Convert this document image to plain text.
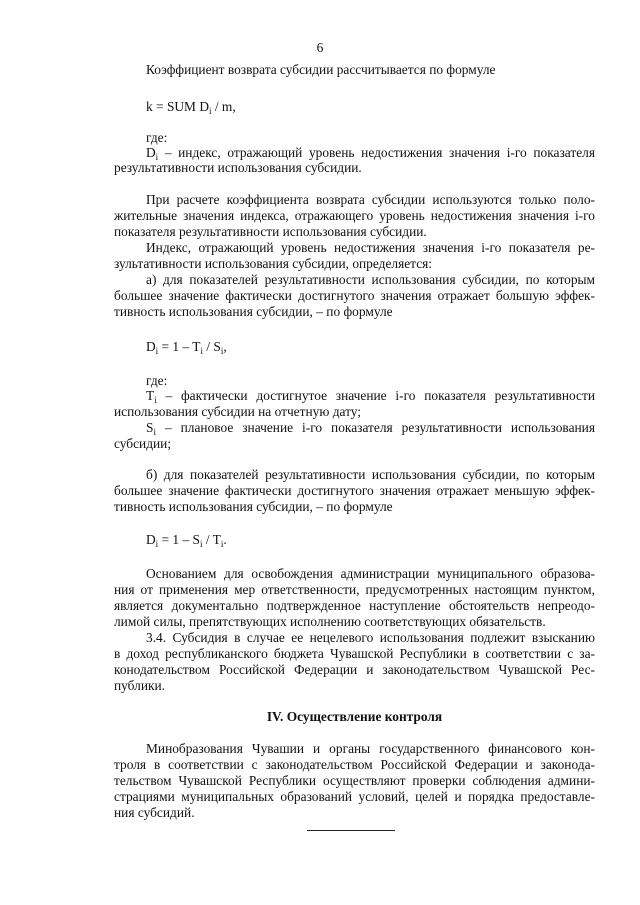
6
Коэффициент возврата субсидии рассчитывается по формуле
k = SUM $D_i$ / m,
где:
$D_i$ – индекс, отражающий уровень недостижения значения i-го показателя
результативности использования субсидии.
При расчете коэффициента возврата субсидии используются только поло-
жительные значения индекса, отражающего уровень недостижения значения i-го
показателя результативности использования субсидии.
Индекс, отражающий уровень недостижения значения i-го показателя ре-
зультативности использования субсидии, определяется:
а) для показателей результативности использования субсидии, по которым
большее значение фактически достигнутого значения отражает большую эффек-
тивность использования субсидии, – по формуле
$D_i = 1 - T_i / S_i$,
где:
$T_i$ – фактически достигнутое значение i-го показателя результативности
использования субсидии на отчетную дату;
$S_i$ – плановое значение i-го показателя результативности использования
субсидии;
б) для показателей результативности использования субсидии, по которым
большее значение фактически достигнутого значения отражает меньшую эффек-
тивность использования субсидии, – по формуле
$D_i = 1 - S_i / T_i$.
Основанием для освобождения администрации муниципального образова-
ния от применения мер ответственности, предусмотренных настоящим пунктом,
является документально подтвержденное наступление обстоятельств непреодо-
лимой силы, препятствующих исполнению соответствующих обязательств.
3.4. Субсидия в случае ее нецелевого использования подлежит взысканию
в доход республиканского бюджета Чувашской Республики в соответствии с за-
конодательством Российской Федерации и законодательством Чувашской Рес-
публики.
IV. Осуществление контроля
Минобразования Чувашии и органы государственного финансового кон-
троля в соответствии с законодательством Российской Федерации и законода-
тельством Чувашской Республики осуществляют проверки соблюдения админи-
страциями муниципальных образований условий, целей и порядка предоставле-
ния субсидий.
